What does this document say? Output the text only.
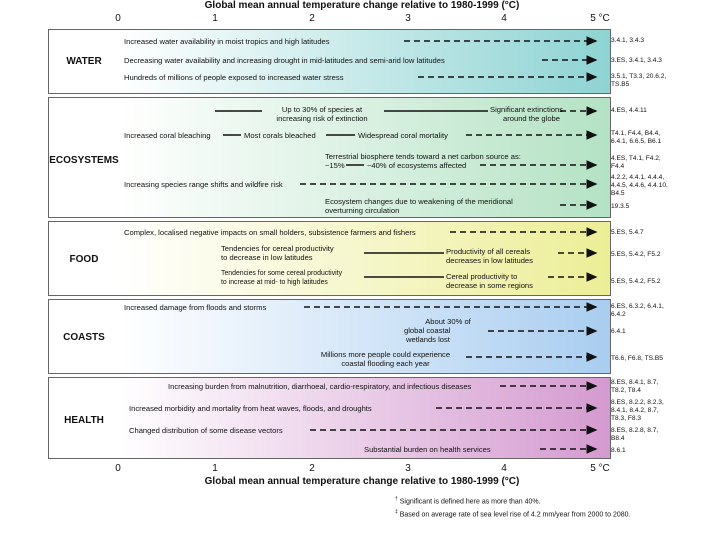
Global mean annual temperature change relative to 1980-1999 (°C)
0	1	2	3	4	5 °C
WATER
Increased water availability in moist tropics and high latitudes
Decreasing water availability and increasing drought in mid-latitudes and semi-arid low latitudes
Hundreds of millions of people exposed to increased water stress
3.4.1, 3.4.3
3.ES, 3.4.1, 3.4.3
3.5.1, T3.3, 20.6.2,
TS.B5
ECOSYSTEMS
Up to 30% of species at
increasing risk of extinction
Significant extinctions
around the globe
Increased coral bleaching	Most corals bleached	Widespread coral mortality
Terrestrial biosphere tends toward a net carbon source as:
~15%	~40% of ecosystems affected
Increasing species range shifts and wildfire risk
Ecosystem changes due to weakening of the meridional
overturning circulation
4.ES, 4.4.11
T4.1, F4.4, B4.4,
6.4.1, 6.6.5, B6.1
4.ES, T4.1, F4.2,
F4.4
4.2.2, 4.4.1, 4.4.4,
4.4.5, 4.4.6, 4.4.10,
B4.5
19.3.5
FOOD
Complex, localised negative impacts on small holders, subsistence farmers and fishers
Tendencies for cereal productivity
to decrease in low latitudes
Productivity of all cereals
decreases in low latitudes
Tendencies for some cereal productivity
to increase at mid- to high latitudes
Cereal productivity to
decrease in some regions
5.ES, 5.4.7
5.ES, 5.4.2, F5.2
5.ES, 5.4.2, F5.2
COASTS
Increased damage from floods and storms
About 30% of
global coastal
wetlands lost
Millions more people could experience
coastal flooding each year
6.ES, 6.3.2, 6.4.1,
6.4.2
6.4.1
T6.6, F6.8, TS.B5
HEALTH
Increasing burden from malnutrition, diarrhoeal, cardio-respiratory, and infectious diseases
Increased morbidity and mortality from heat waves, floods, and droughts
Changed distribution of some disease vectors
Substantial burden on health services
8.ES, 8.4.1, 8.7,
T8.2, T8.4
8.ES, 8.2.2, 8.2.3,
8.4.1, 8.4.2, 8.7,
T8.3, F8.3
8.ES, 8.2.8, 8.7,
B8.4
8.6.1
0	1	2	3	4	5 °C
Global mean annual temperature change relative to 1980-1999 (°C)
† Significant is defined here as more than 40%.
‡ Based on average rate of sea level rise of 4.2 mm/year from 2000 to 2080.
